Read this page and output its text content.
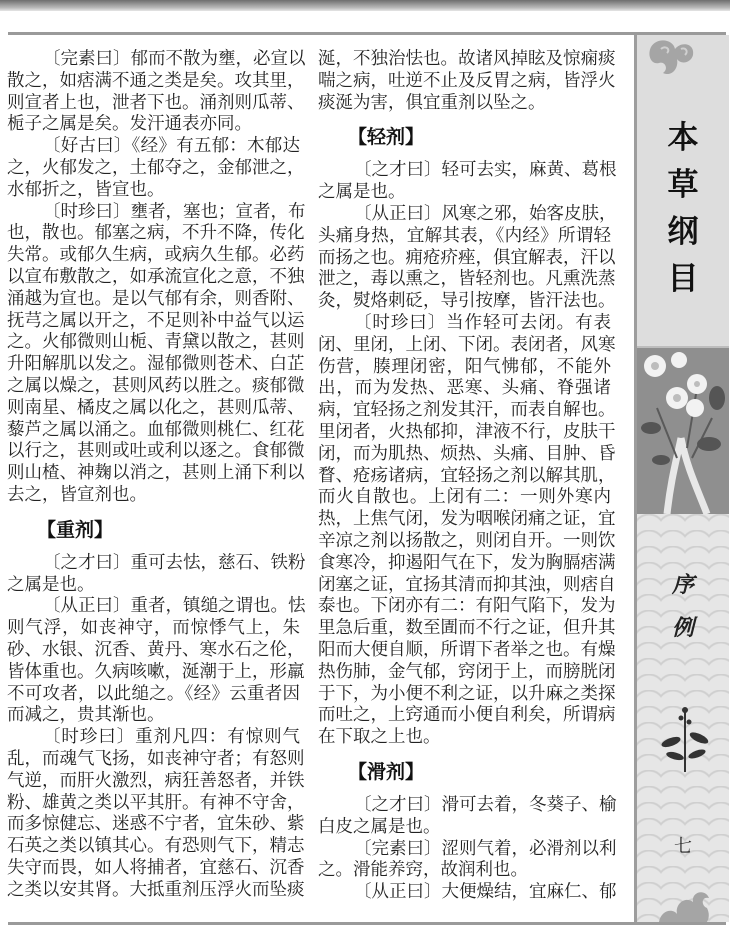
〔完素曰〕郁而不散为壅，必宣以
散之，如痞满不通之类是矣。攻其里，
则宣者上也，泄者下也。涌剂则瓜蒂、
栀子之属是矣。发汗通表亦同。
〔好古曰〕《经》有五郁：木郁达
之，火郁发之，土郁夺之，金郁泄之，
水郁折之，皆宣也。
〔时珍曰〕壅者，塞也；宣者，布
也，散也。郁塞之病，不升不降，传化
失常。或郁久生病，或病久生郁。必药
以宣布敷散之，如承流宣化之意，不独
涌越为宣也。是以气郁有余，则香附、
抚芎之属以开之，不足则补中益气以运
之。火郁微则山栀、青黛以散之，甚则
升阳解肌以发之。湿郁微则苍术、白芷
之属以燥之，甚则风药以胜之。痰郁微
则南星、橘皮之属以化之，甚则瓜蒂、
藜芦之属以涌之。血郁微则桃仁、红花
以行之，甚则或吐或利以逐之。食郁微
则山楂、神麹以消之，甚则上涌下利以
去之，皆宣剂也。
【重剂】
〔之才曰〕重可去怯，慈石、铁粉
之属是也。
〔从正曰〕重者，镇缒之谓也。怯
则气浮，如丧神守，而惊悸气上，朱
砂、水银、沉香、黄丹、寒水石之伦，
皆体重也。久病咳嗽，涎潮于上，形羸
不可攻者，以此缒之。《经》云重者因
而减之，贵其渐也。
〔时珍曰〕重剂凡四：有惊则气
乱，而魂气飞扬，如丧神守者；有怒则
气逆，而肝火激烈，病狂善怒者，并铁
粉、雄黄之类以平其肝。有神不守舍，
而多惊健忘、迷惑不宁者，宜朱砂、紫
石英之类以镇其心。有恐则气下，精志
失守而畏，如人将捕者，宜慈石、沉香
之类以安其肾。大抵重剂压浮火而坠痰
涎，不独治怯也。故诸风掉眩及惊痫痰
喘之病，吐逆不止及反胃之病，皆浮火
痰涎为害，俱宜重剂以坠之。
【轻剂】
〔之才曰〕轻可去实，麻黄、葛根
之属是也。
〔从正曰〕风寒之邪，始客皮肤，
头痛身热，宜解其表，《内经》所谓轻
而扬之也。痈疮疥痤，俱宜解表，汗以
泄之，毒以熏之，皆轻剂也。凡熏洗蒸
灸，熨烙刺砭，导引按摩，皆汗法也。
〔时珍曰〕当作轻可去闭。有表
闭、里闭，上闭、下闭。表闭者，风寒
伤营，腠理闭密，阳气怫郁，不能外
出，而为发热、恶寒、头痛、脊强诸
病，宜轻扬之剂发其汗，而表自解也。
里闭者，火热郁抑，津液不行，皮肤干
闭，而为肌热、烦热、头痛、目肿、昏
瞀、疮疡诸病，宜轻扬之剂以解其肌，
而火自散也。上闭有二：一则外寒内
热，上焦气闭，发为咽喉闭痛之证，宜
辛凉之剂以扬散之，则闭自开。一则饮
食寒冷，抑遏阳气在下，发为胸膈痞满
闭塞之证，宜扬其清而抑其浊，则痞自
泰也。下闭亦有二：有阳气陷下，发为
里急后重，数至圊而不行之证，但升其
阳而大便自顺，所谓下者举之也。有燥
热伤肺，金气郁，窍闭于上，而膀胱闭
于下，为小便不利之证，以升麻之类探
而吐之，上窍通而小便自利矣，所谓病
在下取之上也。
【滑剂】
〔之才曰〕滑可去着，冬葵子、榆
白皮之属是也。
〔完素曰〕涩则气着，必滑剂以利
之。滑能养窍，故润利也。
〔从正曰〕大便燥结，宜麻仁、郁
本
草
纲
目
序
例
七
